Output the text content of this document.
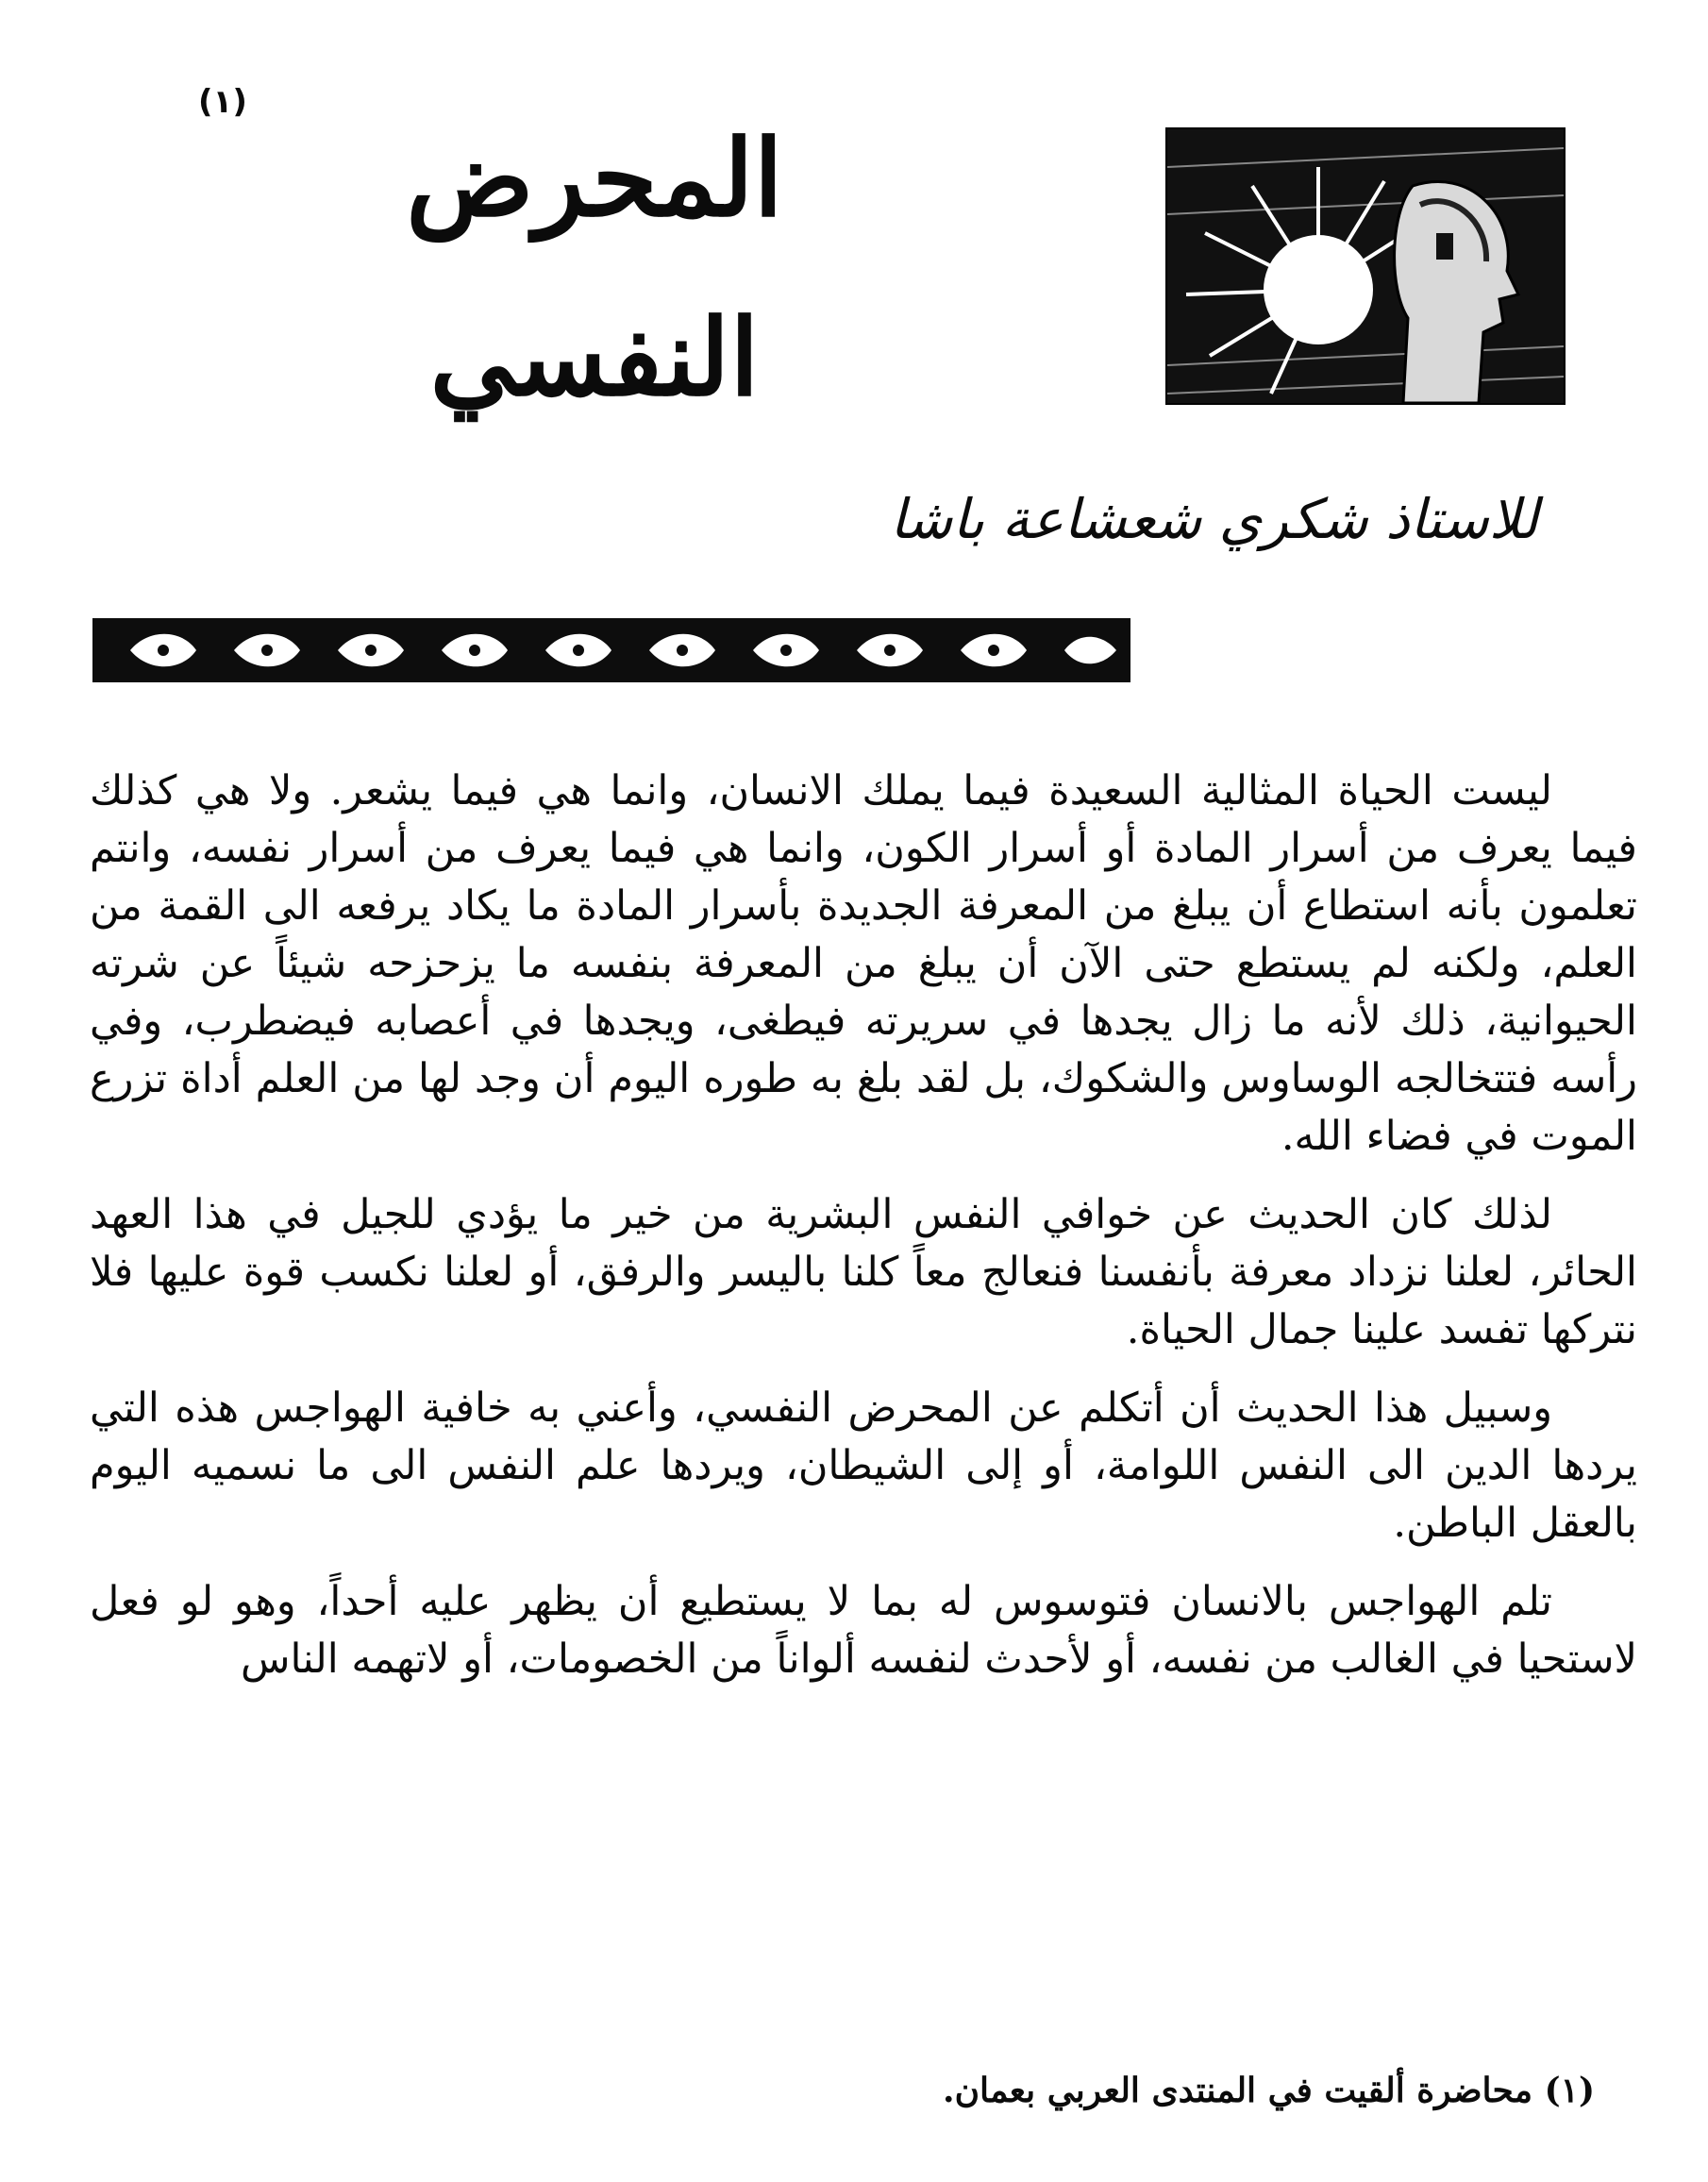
(١)
المحرض النفسي
للاستاذ شكري شعشاعة باشا

ليست الحياة المثالية السعيدة فيما يملك الانسان، وانما هي فيما يشعر. ولا هي كذلك فيما يعرف من أسرار المادة أو أسرار الكون، وانما هي فيما يعرف من أسرار نفسه، وانتم تعلمون بأنه استطاع أن يبلغ من المعرفة الجديدة بأسرار المادة ما يكاد يرفعه الى القمة من العلم، ولكنه لم يستطع حتى الآن أن يبلغ من المعرفة بنفسه ما يزحزحه شيئاً عن شرته الحيوانية، ذلك لأنه ما زال يجدها في سريرته فيطغى، ويجدها في أعصابه فيضطرب، وفي رأسه فتتخالجه الوساوس والشكوك، بل لقد بلغ به طوره اليوم أن وجد لها من العلم أداة تزرع الموت في فضاء الله.

لذلك كان الحديث عن خوافي النفس البشرية من خير ما يؤدي للجيل في هذا العهد الحائر، لعلنا نزداد معرفة بأنفسنا فنعالج معاً كلنا باليسر والرفق، أو لعلنا نكسب قوة عليها فلا نتركها تفسد علينا جمال الحياة.

وسبيل هذا الحديث أن أتكلم عن المحرض النفسي، وأعني به خافية الهواجس هذه التي يردها الدين الى النفس اللوامة، أو إلى الشيطان، ويردها علم النفس الى ما نسميه اليوم بالعقل الباطن.

تلم الهواجس بالانسان فتوسوس له بما لا يستطيع أن يظهر عليه أحداً، وهو لو فعل لاستحيا في الغالب من نفسه، أو لأحدث لنفسه ألواناً من الخصومات، أو لاتهمه الناس

(١) محاضرة ألقيت في المنتدى العربي بعمان.
